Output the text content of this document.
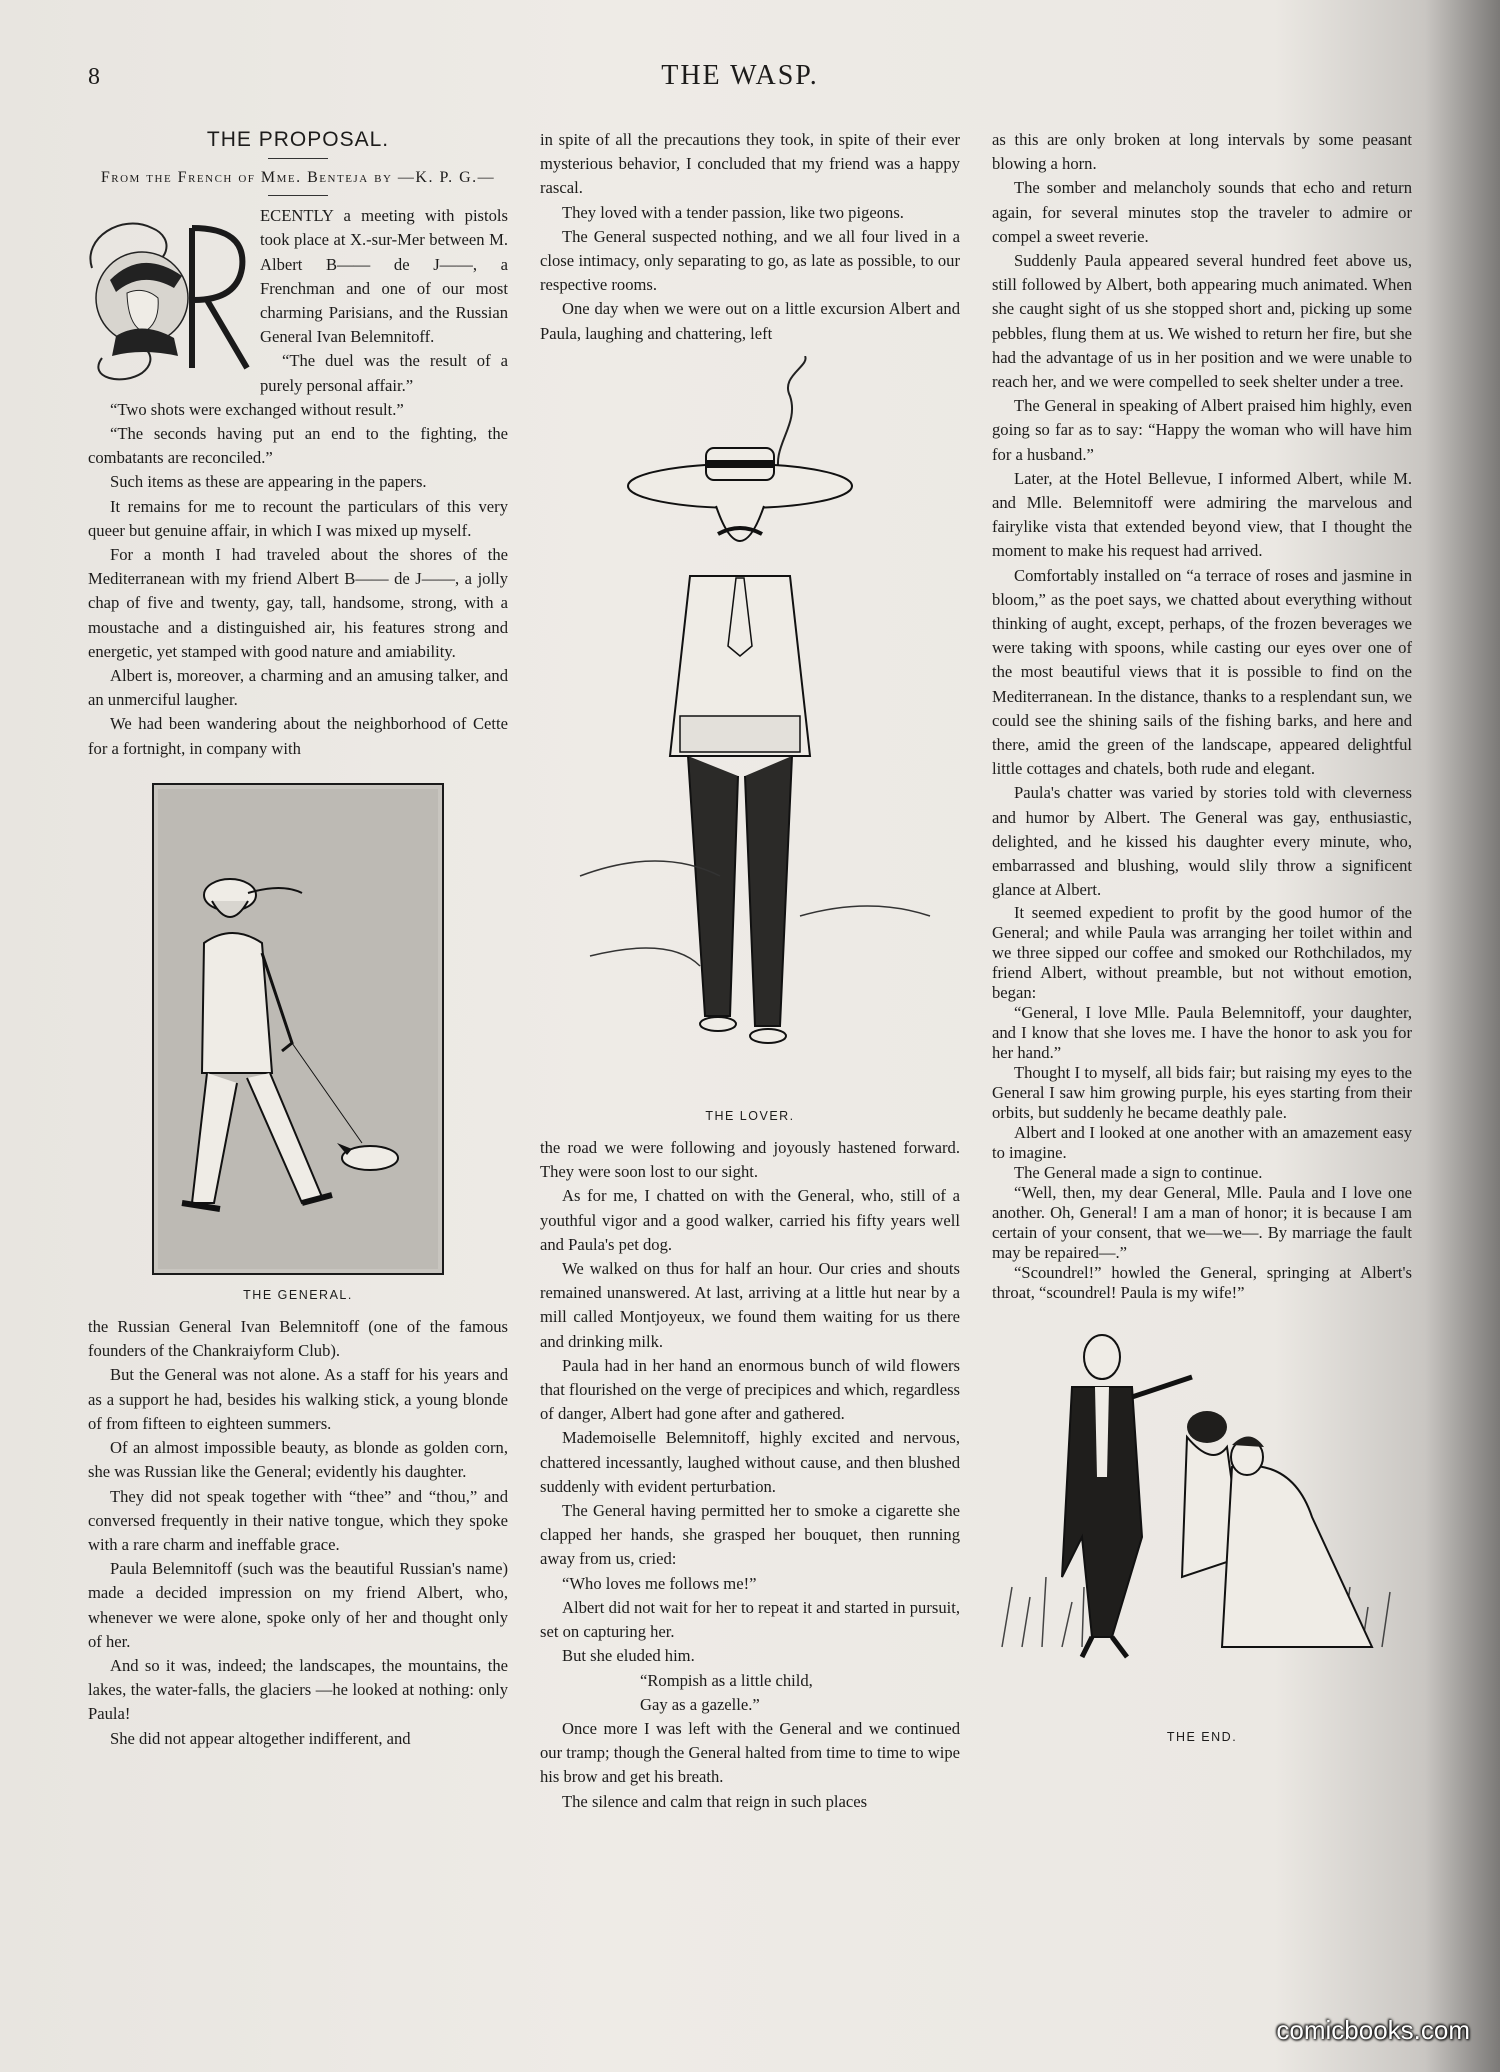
8	THE WASP.
THE PROPOSAL.
From the French of Mme. Benteja by —K. P. G.—

ECENTLY a meeting with pistols took place at X.-sur-Mer between M. Albert B—— de J——, a Frenchman and one of our most charming Parisians, and the Russian General Ivan Belemnitoff.

“The duel was the result of a purely personal affair.”

“Two shots were exchanged without result.”

“The seconds having put an end to the fighting, the combatants are reconciled.”

Such items as these are appearing in the papers.

It remains for me to recount the particulars of this very queer but genuine affair, in which I was mixed up myself.

For a month I had traveled about the shores of the Mediterranean with my friend Albert B—— de J——, a jolly chap of five and twenty, gay, tall, handsome, strong, with a moustache and a distinguished air, his features strong and energetic, yet stamped with good nature and amiability.

Albert is, moreover, a charming and an amusing talker, and an unmerciful laugher.

We had been wandering about the neighborhood of Cette for a fortnight, in company with

THE GENERAL.

the Russian General Ivan Belemnitoff (one of the famous founders of the Chankraiyform Club).

But the General was not alone. As a staff for his years and as a support he had, besides his walking stick, a young blonde of from fifteen to eighteen summers.

Of an almost impossible beauty, as blonde as golden corn, she was Russian like the General; evidently his daughter.

They did not speak together with “thee” and “thou,” and conversed frequently in their native tongue, which they spoke with a rare charm and ineffable grace.

Paula Belemnitoff (such was the beautiful Russian's name) made a decided impression on my friend Albert, who, whenever we were alone, spoke only of her and thought only of her.

And so it was, indeed; the landscapes, the mountains, the lakes, the water-falls, the glaciers —he looked at nothing: only Paula!

She did not appear altogether indifferent, and

in spite of all the precautions they took, in spite of their ever mysterious behavior, I concluded that my friend was a happy rascal.

They loved with a tender passion, like two pigeons.

The General suspected nothing, and we all four lived in a close intimacy, only separating to go, as late as possible, to our respective rooms.

One day when we were out on a little excursion Albert and Paula, laughing and chattering, left

THE LOVER.

the road we were following and joyously hastened forward. They were soon lost to our sight.

As for me, I chatted on with the General, who, still of a youthful vigor and a good walker, carried his fifty years well and Paula's pet dog.

We walked on thus for half an hour. Our cries and shouts remained unanswered. At last, arriving at a little hut near by a mill called Montjoyeux, we found them waiting for us there and drinking milk.

Paula had in her hand an enormous bunch of wild flowers that flourished on the verge of precipices and which, regardless of danger, Albert had gone after and gathered.

Mademoiselle Belemnitoff, highly excited and nervous, chattered incessantly, laughed without cause, and then blushed suddenly with evident perturbation.

The General having permitted her to smoke a cigarette she clapped her hands, she grasped her bouquet, then running away from us, cried:

“Who loves me follows me!”

Albert did not wait for her to repeat it and started in pursuit, set on capturing her.

But she eluded him.

“Rompish as a little child,

Gay as a gazelle.”

Once more I was left with the General and we continued our tramp; though the General halted from time to time to wipe his brow and get his breath.

The silence and calm that reign in such places

as this are only broken at long intervals by some peasant blowing a horn.

The somber and melancholy sounds that echo and return again, for several minutes stop the traveler to admire or compel a sweet reverie.

Suddenly Paula appeared several hundred feet above us, still followed by Albert, both appearing much animated. When she caught sight of us she stopped short and, picking up some pebbles, flung them at us. We wished to return her fire, but she had the advantage of us in her position and we were unable to reach her, and we were compelled to seek shelter under a tree.

The General in speaking of Albert praised him highly, even going so far as to say: “Happy the woman who will have him for a husband.”

Later, at the Hotel Bellevue, I informed Albert, while M. and Mlle. Belemnitoff were admiring the marvelous and fairylike vista that extended beyond view, that I thought the moment to make his request had arrived.

Comfortably installed on “a terrace of roses and jasmine in bloom,” as the poet says, we chatted about everything without thinking of aught, except, perhaps, of the frozen beverages we were taking with spoons, while casting our eyes over one of the most beautiful views that it is possible to find on the Mediterranean. In the distance, thanks to a resplendant sun, we could see the shining sails of the fishing barks, and here and there, amid the green of the landscape, appeared delightful little cottages and chatels, both rude and elegant.

Paula's chatter was varied by stories told with cleverness and humor by Albert. The General was gay, enthusiastic, delighted, and he kissed his daughter every minute, who, embarrassed and blushing, would slily throw a significent glance at Albert.

It seemed expedient to profit by the good humor of the General; and while Paula was arranging her toilet within and we three sipped our coffee and smoked our Rothchilados, my friend Albert, without preamble, but not without emotion, began:

“General, I love Mlle. Paula Belemnitoff, your daughter, and I know that she loves me. I have the honor to ask you for her hand.”

Thought I to myself, all bids fair; but raising my eyes to the General I saw him growing purple, his eyes starting from their orbits, but suddenly he became deathly pale.

Albert and I looked at one another with an amazement easy to imagine.

The General made a sign to continue.

“Well, then, my dear General, Mlle. Paula and I love one another. Oh, General! I am a man of honor; it is because I am certain of your consent, that we—we—. By marriage the fault may be repaired—.”

“Scoundrel!” howled the General, springing at Albert's throat, “scoundrel! Paula is my wife!”

THE END.
comicbooks.com
